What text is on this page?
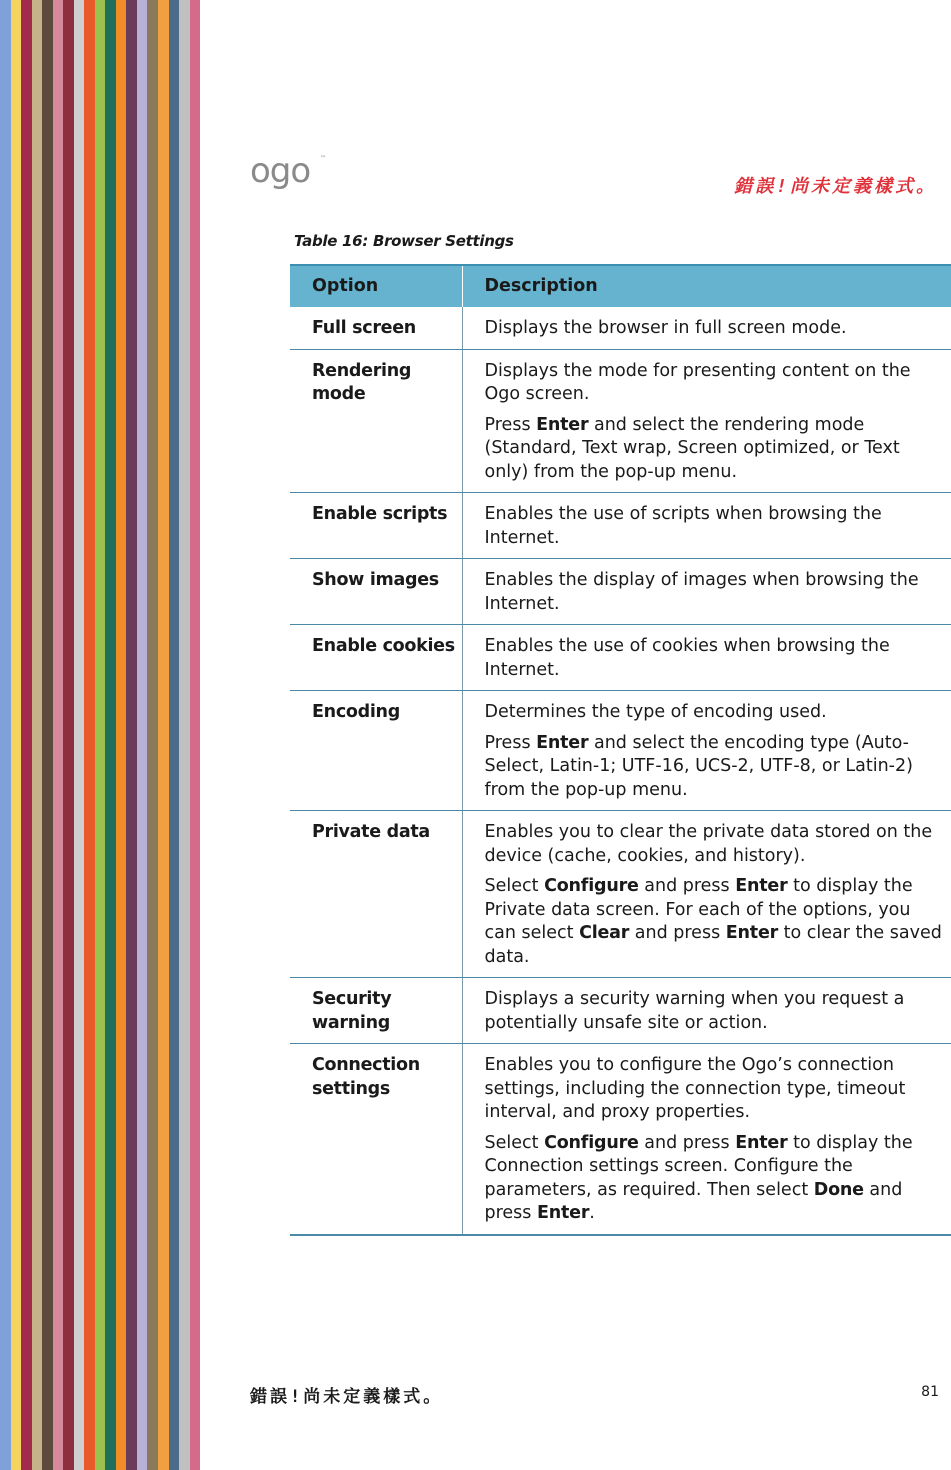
ogo ™
錯誤!尚未定義樣式。
Table 16: Browser Settings
Option	Description
Full screen	Displays the browser in full screen mode.

Rendering mode	Displays the mode for presenting content on the Ogo screen.

Press Enter and select the rendering mode (Standard, Text wrap, Screen optimized, or Text only) from the pop-up menu.

Enable scripts	Enables the use of scripts when browsing the Internet.

Show images	Enables the display of images when browsing the Internet.

Enable cookies	Enables the use of cookies when browsing the Internet.

Encoding	Determines the type of encoding used.

Press Enter and select the encoding type (Auto-Select, Latin-1; UTF-16, UCS-2, UTF-8, or Latin-2) from the pop-up menu.

Private data	Enables you to clear the private data stored on the device (cache, cookies, and history).

Select Configure and press Enter to display the Private data screen. For each of the options, you can select Clear and press Enter to clear the saved data.

Security warning	Displays a security warning when you request a potentially unsafe site or action.

Connection settings	Enables you to configure the Ogo’s connection settings, including the connection type, timeout interval, and proxy properties.

Select Configure and press Enter to display the Connection settings screen. Configure the parameters, as required. Then select Done and press Enter.

錯誤!尚未定義樣式。	81
